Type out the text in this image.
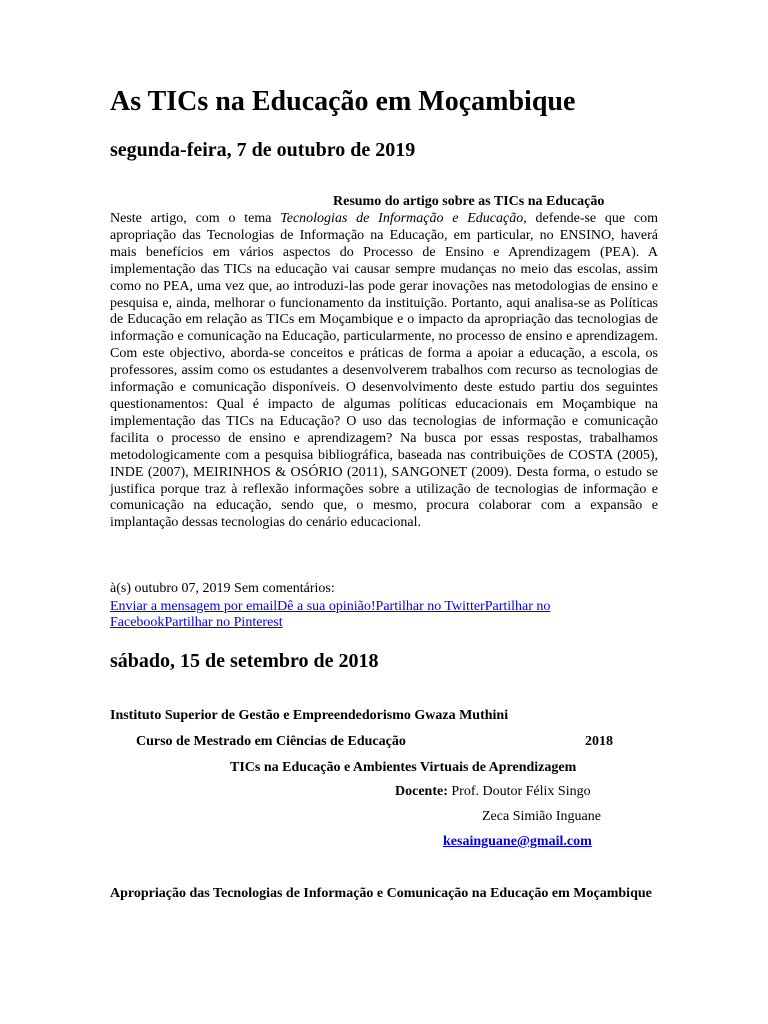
As TICs na Educação em Moçambique
segunda-feira, 7 de outubro de 2019
Resumo do artigo sobre as TICs na Educação

Neste artigo, com o tema Tecnologias de Informação e Educação, defende-se que com apropriação das Tecnologias de Informação na Educação, em particular, no ENSINO, haverá mais benefícios em vários aspectos do Processo de Ensino e Aprendizagem (PEA). A implementação das TICs na educação vai causar sempre mudanças no meio das escolas, assim como no PEA, uma vez que, ao introduzi-las pode gerar inovações nas metodologias de ensino e pesquisa e, ainda, melhorar o funcionamento da instituição. Portanto, aqui analisa-se as Políticas de Educação em relação as TICs em Moçambique e o impacto da apropriação das tecnologias de informação e comunicação na Educação, particularmente, no processo de ensino e aprendizagem. Com este objectivo, aborda-se conceitos e práticas de forma a apoiar a educação, a escola, os professores, assim como os estudantes a desenvolverem trabalhos com recurso as tecnologias de informação e comunicação disponíveis. O desenvolvimento deste estudo partiu dos seguintes questionamentos: Qual é impacto de algumas políticas educacionais em Moçambique na implementação das TICs na Educação? O uso das tecnologias de informação e comunicação facilita o processo de ensino e aprendizagem? Na busca por essas respostas, trabalhamos metodologicamente com a pesquisa bibliográfica, baseada nas contribuições de COSTA (2005), INDE (2007), MEIRINHOS & OSÓRIO (2011), SANGONET (2009). Desta forma, o estudo se justifica porque traz à reflexão informações sobre a utilização de tecnologias de informação e comunicação na educação, sendo que, o mesmo, procura colaborar com a expansão e implantação dessas tecnologias do cenário educacional.

à(s) outubro 07, 2019 Sem comentários:
Enviar a mensagem por emailDê a sua opinião!Partilhar no TwitterPartilhar no FacebookPartilhar no Pinterest
sábado, 15 de setembro de 2018
Instituto Superior de Gestão e Empreendedorismo Gwaza Muthini
Curso de Mestrado em Ciências de Educação	2018
TICs na Educação e Ambientes Virtuais de Aprendizagem
Docente: Prof. Doutor Félix Singo
Zeca Simião Inguane
kesainguane@gmail.com

Apropriação das Tecnologias de Informação e Comunicação na Educação em Moçambique
